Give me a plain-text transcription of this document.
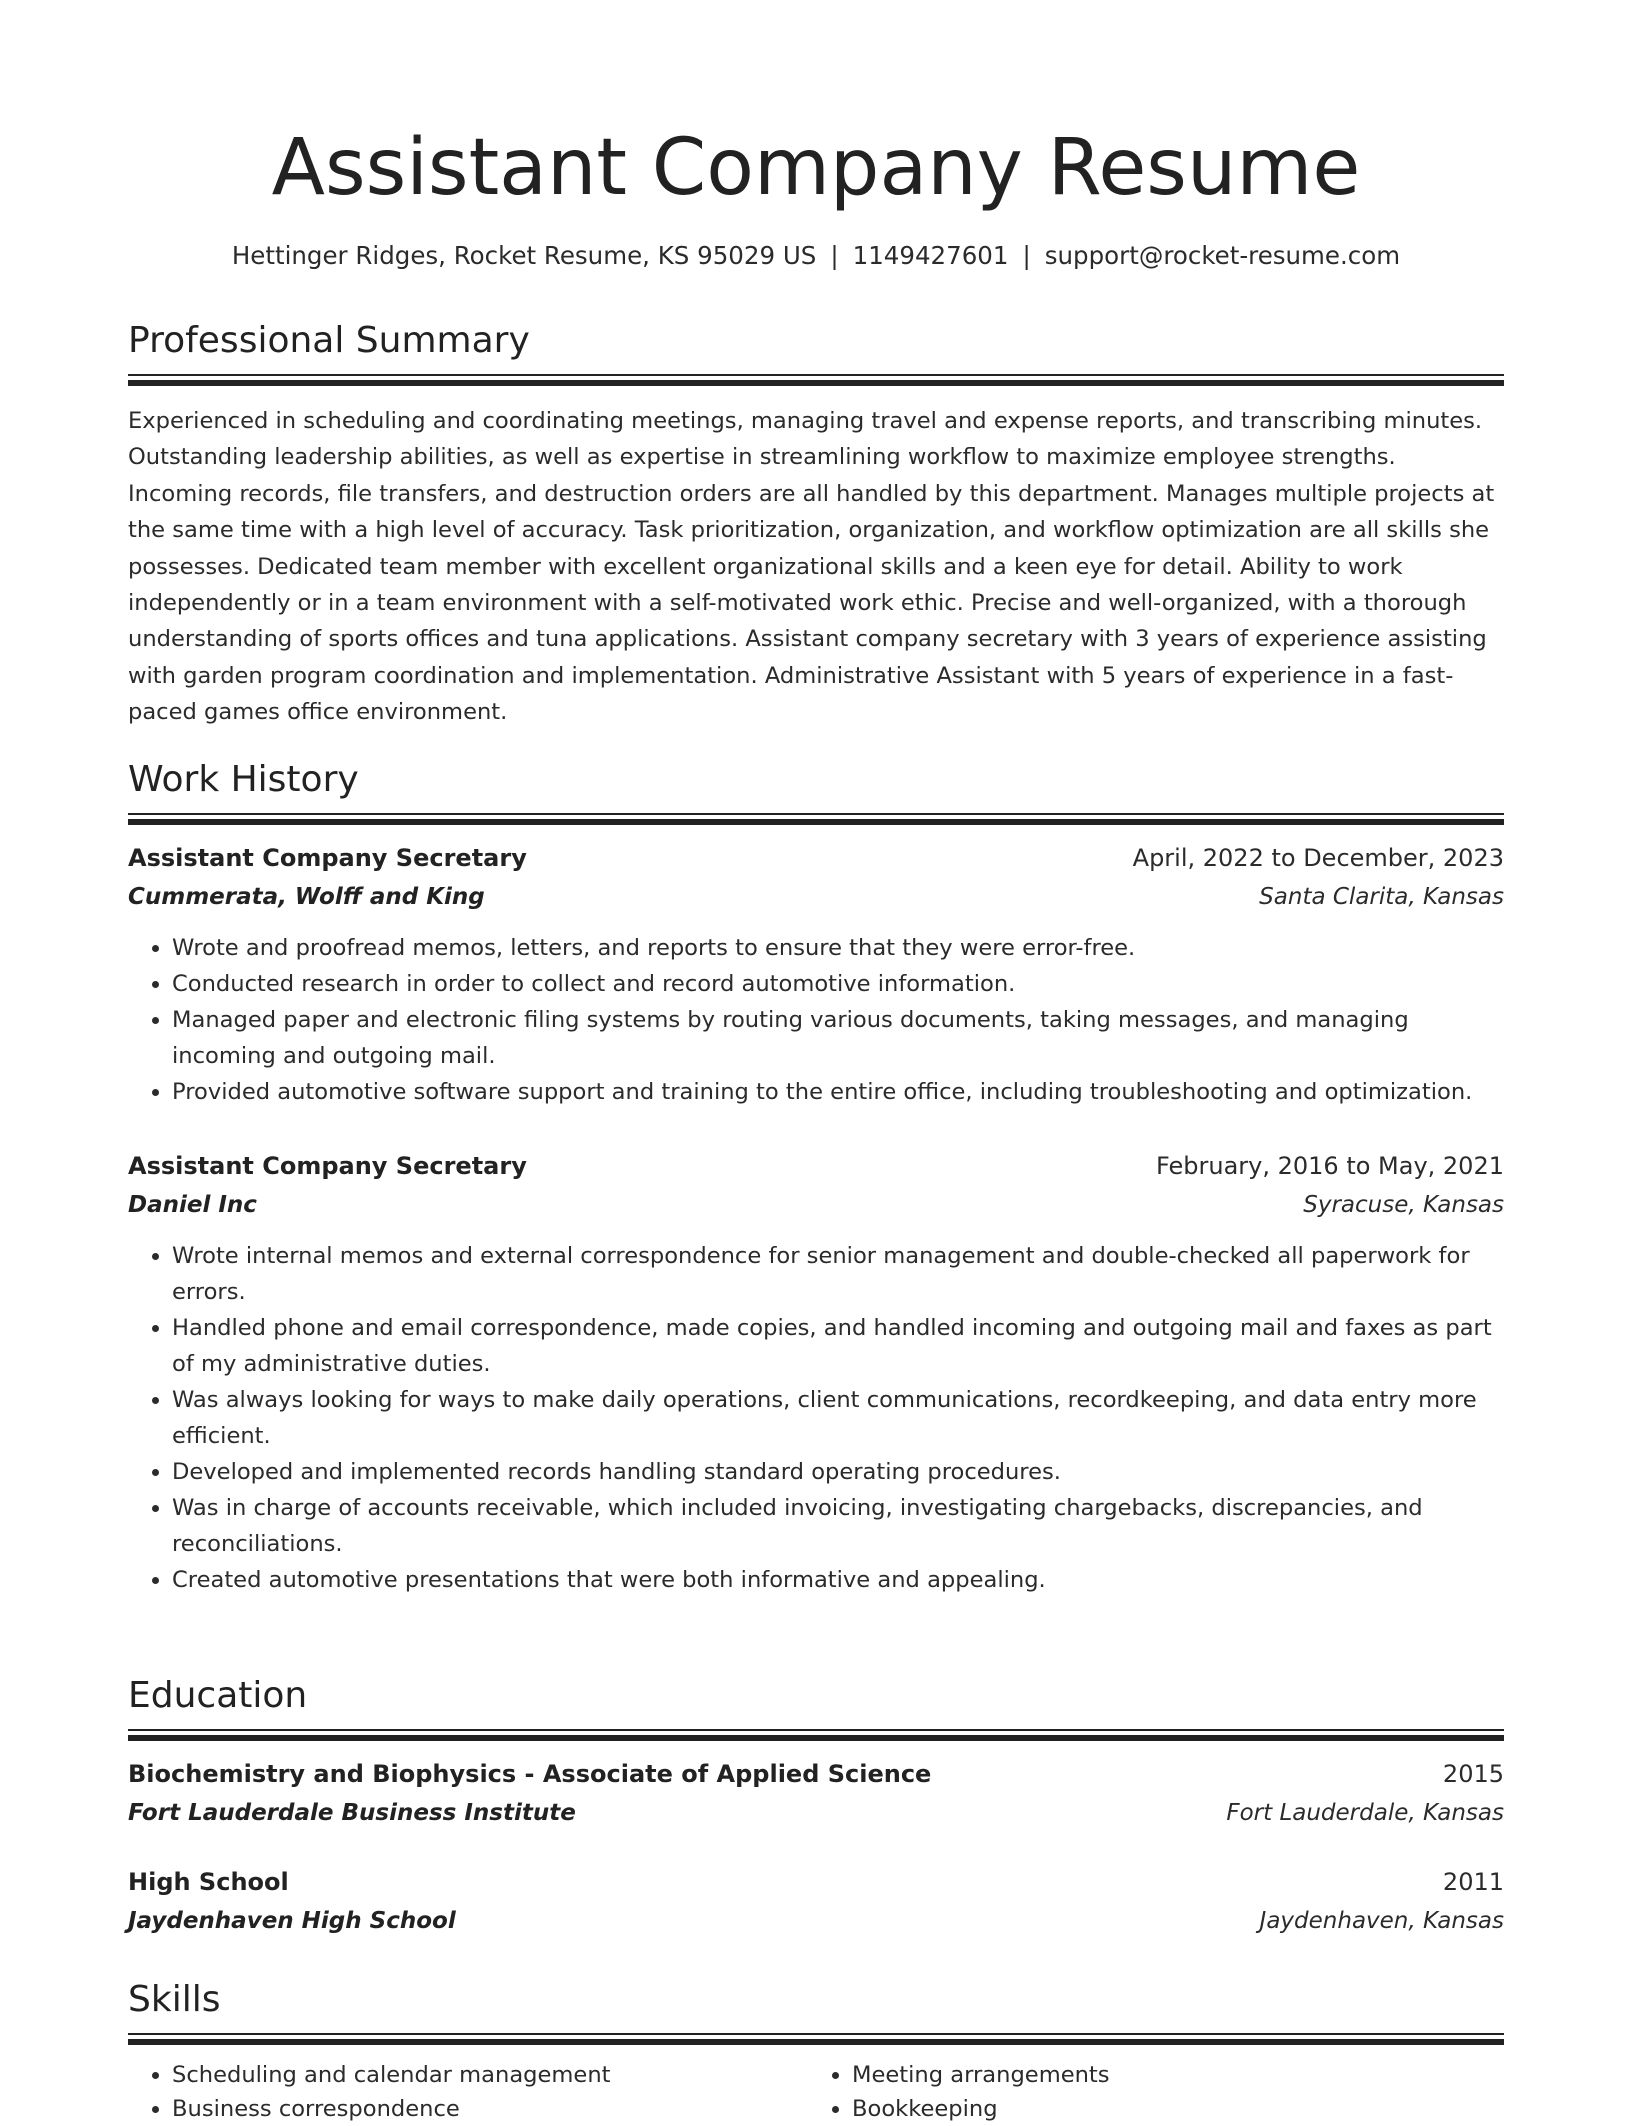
Assistant Company Resume
Hettinger Ridges, Rocket Resume, KS 95029 US | 1149427601 | support@rocket-resume.com
Professional Summary
Experienced in scheduling and coordinating meetings, managing travel and expense reports, and transcribing minutes. Outstanding leadership abilities, as well as expertise in streamlining workflow to maximize employee strengths. Incoming records, file transfers, and destruction orders are all handled by this department. Manages multiple projects at the same time with a high level of accuracy. Task prioritization, organization, and workflow optimization are all skills she possesses. Dedicated team member with excellent organizational skills and a keen eye for detail. Ability to work independently or in a team environment with a self-motivated work ethic. Precise and well-organized, with a thorough understanding of sports offices and tuna applications. Assistant company secretary with 3 years of experience assisting with garden program coordination and implementation. Administrative Assistant with 5 years of experience in a fast-paced games office environment.
Work History
Assistant Company Secretary	April, 2022 to December, 2023
Cummerata, Wolff and King	Santa Clarita, Kansas
• Wrote and proofread memos, letters, and reports to ensure that they were error-free.
• Conducted research in order to collect and record automotive information.
• Managed paper and electronic filing systems by routing various documents, taking messages, and managing incoming and outgoing mail.
• Provided automotive software support and training to the entire office, including troubleshooting and optimization.
Assistant Company Secretary	February, 2016 to May, 2021
Daniel Inc	Syracuse, Kansas
• Wrote internal memos and external correspondence for senior management and double-checked all paperwork for errors.
• Handled phone and email correspondence, made copies, and handled incoming and outgoing mail and faxes as part of my administrative duties.
• Was always looking for ways to make daily operations, client communications, recordkeeping, and data entry more efficient.
• Developed and implemented records handling standard operating procedures.
• Was in charge of accounts receivable, which included invoicing, investigating chargebacks, discrepancies, and reconciliations.
• Created automotive presentations that were both informative and appealing.
Education
Biochemistry and Biophysics - Associate of Applied Science	2015
Fort Lauderdale Business Institute	Fort Lauderdale, Kansas
High School	2011
Jaydenhaven High School	Jaydenhaven, Kansas
Skills
• Scheduling and calendar management
• Business correspondence
• Meeting arrangements
• Bookkeeping
